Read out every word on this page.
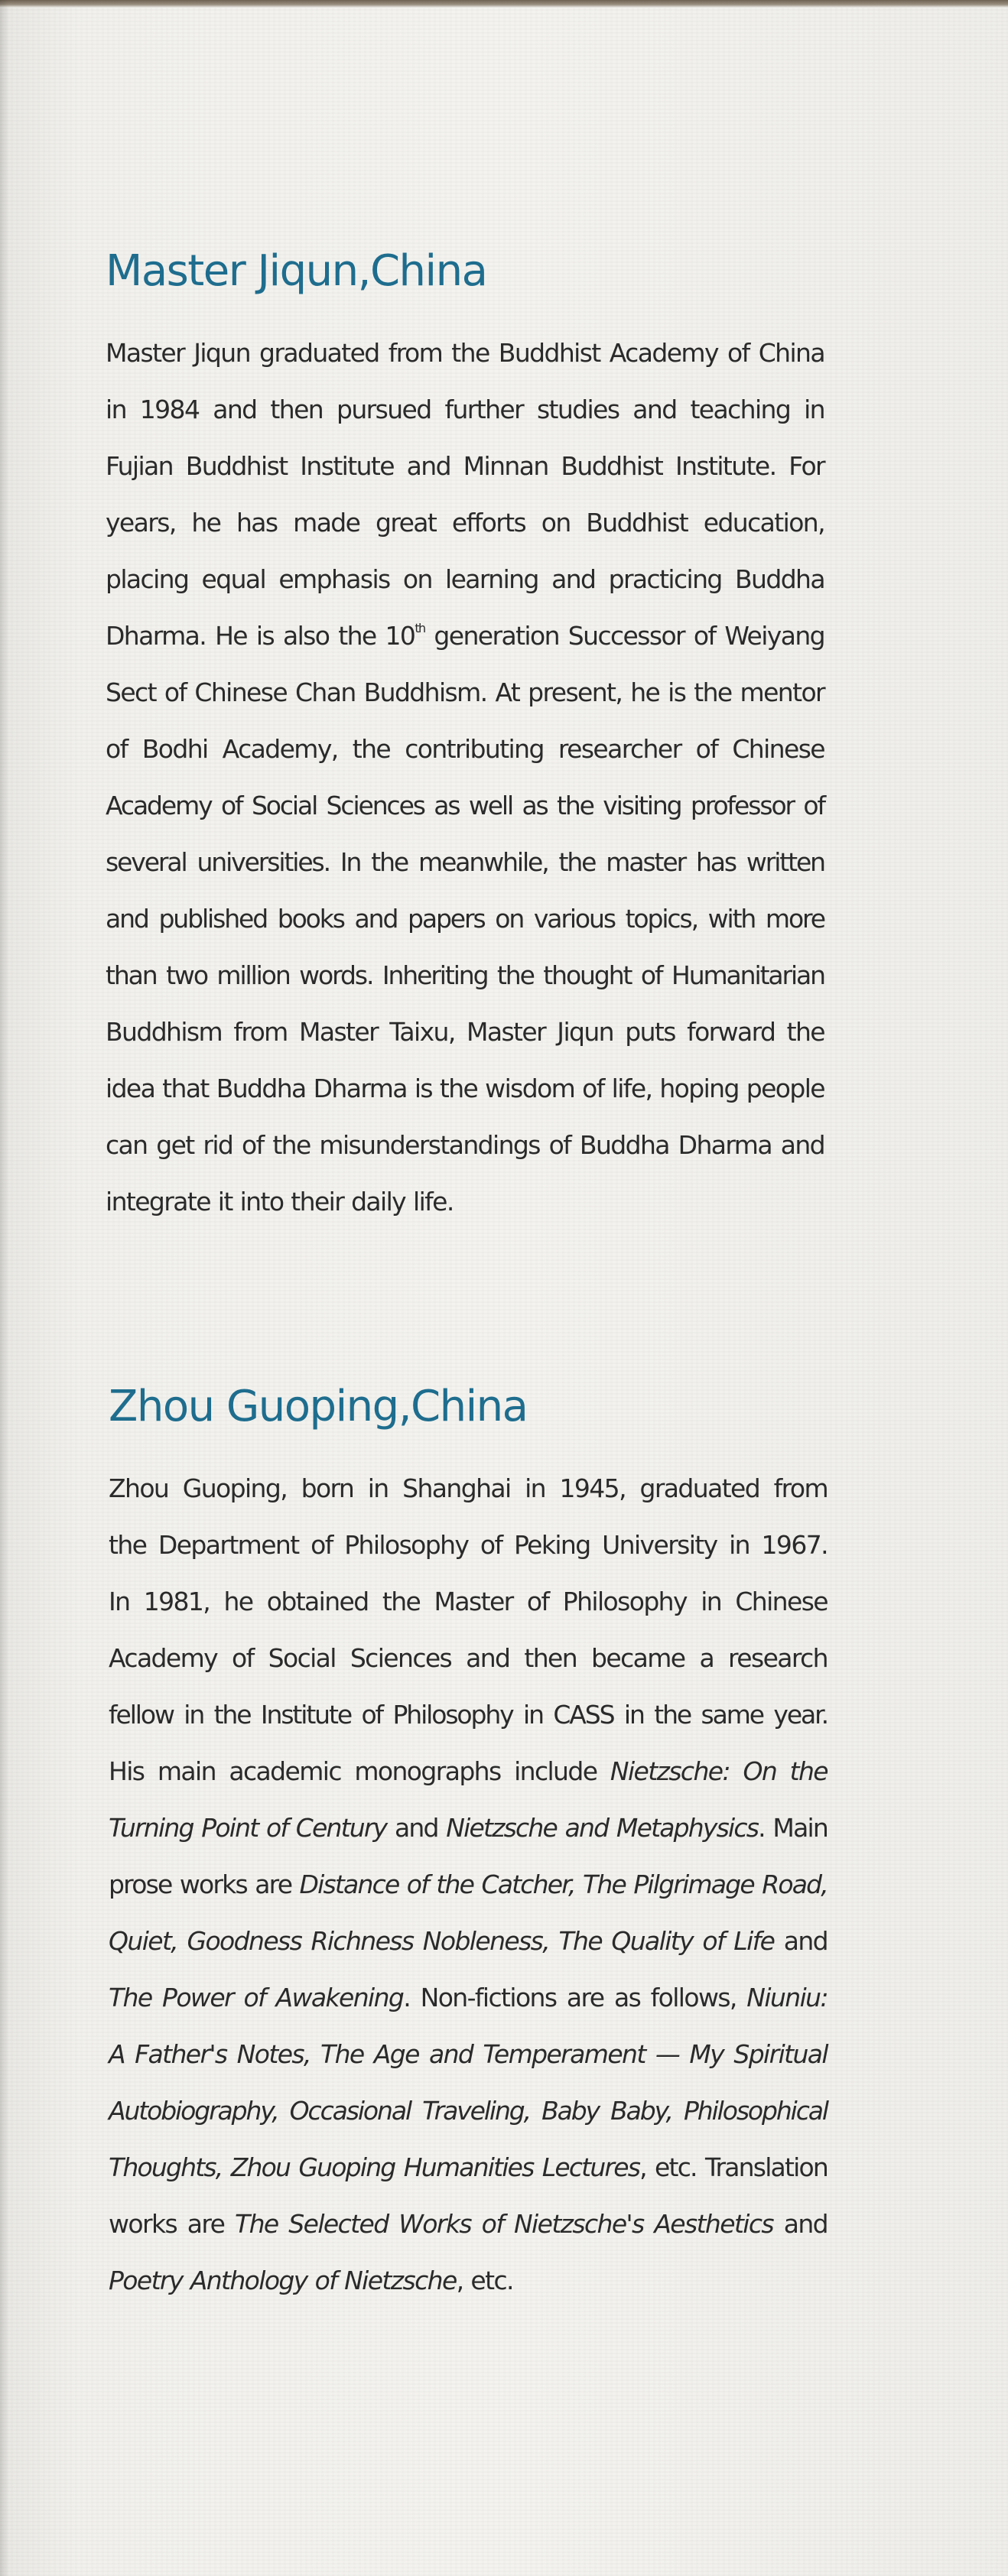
Master Jiqun,China

Master Jiqun graduated from the Buddhist Academy of China
in 1984 and then pursued further studies and teaching in
Fujian Buddhist Institute and Minnan Buddhist Institute. For
years, he has made great efforts on Buddhist education,
placing equal emphasis on learning and practicing Buddha
Dharma. He is also the 10th generation Successor of Weiyang
Sect of Chinese Chan Buddhism. At present, he is the mentor
of Bodhi Academy, the contributing researcher of Chinese
Academy of Social Sciences as well as the visiting professor of
several universities. In the meanwhile, the master has written
and published books and papers on various topics, with more
than two million words. Inheriting the thought of Humanitarian
Buddhism from Master Taixu, Master Jiqun puts forward the
idea that Buddha Dharma is the wisdom of life, hoping people
can get rid of the misunderstandings of Buddha Dharma and
integrate it into their daily life.

Zhou Guoping,China

Zhou Guoping, born in Shanghai in 1945, graduated from
the Department of Philosophy of Peking University in 1967.
In 1981, he obtained the Master of Philosophy in Chinese
Academy of Social Sciences and then became a research
fellow in the Institute of Philosophy in CASS in the same year.
His main academic monographs include Nietzsche: On the
Turning Point of Century and Nietzsche and Metaphysics. Main
prose works are Distance of the Catcher, The Pilgrimage Road,
Quiet, Goodness Richness Nobleness, The Quality of Life and
The Power of Awakening. Non-fictions are as follows, Niuniu:
A Father's Notes, The Age and Temperament — My Spiritual
Autobiography, Occasional Traveling, Baby Baby, Philosophical
Thoughts, Zhou Guoping Humanities Lectures, etc. Translation
works are The Selected Works of Nietzsche's Aesthetics and
Poetry Anthology of Nietzsche, etc.
